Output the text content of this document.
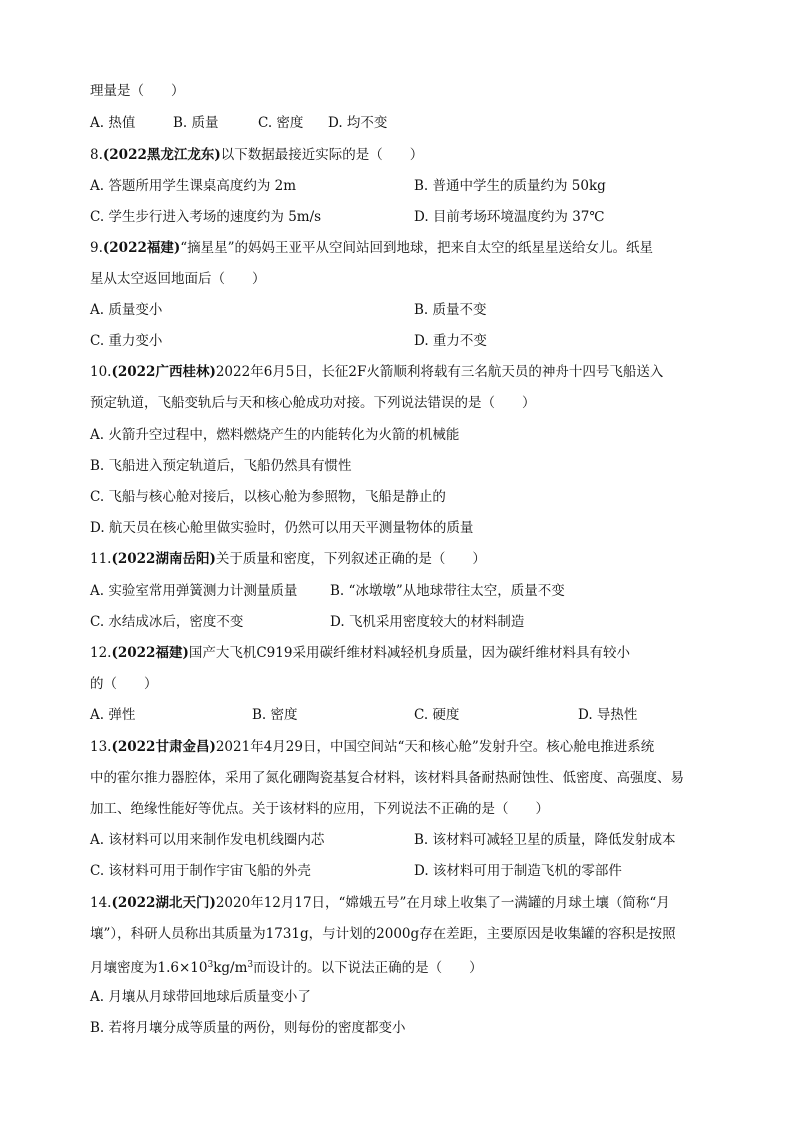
理量是（　　）
A. 热值	B. 质量	C. 密度 D. 均不变
8.(2022黑龙江龙东)以下数据最接近实际的是（　　）
A. 答题所用学生课桌高度约为 2m	B. 普通中学生的质量约为 50kg
C. 学生步行进入考场的速度约为 5m/s	D. 目前考场环境温度约为 37℃
9.(2022福建)“摘星星”的妈妈王亚平从空间站回到地球，把来自太空的纸星星送给女儿。纸星
星从太空返回地面后（　　）
A. 质量变小	B. 质量不变
C. 重力变小	D. 重力不变
10.(2022广西桂林)2022年6月5日，长征2F火箭顺利将载有三名航天员的神舟十四号飞船送入
预定轨道，飞船变轨后与天和核心舱成功对接。下列说法错误的是（　　）
A. 火箭升空过程中，燃料燃烧产生的内能转化为火箭的机械能
B. 飞船进入预定轨道后，飞船仍然具有惯性
C. 飞船与核心舱对接后，以核心舱为参照物，飞船是静止的
D. 航天员在核心舱里做实验时，仍然可以用天平测量物体的质量
11.(2022湖南岳阳)关于质量和密度，下列叙述正确的是（　　）
A. 实验室常用弹簧测力计测量质量 B. “冰墩墩”从地球带往太空，质量不变
C. 水结成冰后，密度不变	D. 飞机采用密度较大的材料制造
12.(2022福建)国产大飞机C919采用碳纤维材料减轻机身质量，因为碳纤维材料具有较小
的（　　）
A. 弹性	B. 密度	C. 硬度	D. 导热性
13.(2022甘肃金昌)2021年4月29日，中国空间站“天和核心舱”发射升空。核心舱电推进系统
中的霍尔推力器腔体，采用了氮化硼陶瓷基复合材料，该材料具备耐热耐蚀性、低密度、高强度、易
加工、绝缘性能好等优点。关于该材料的应用，下列说法不正确的是（　　）
A. 该材料可以用来制作发电机线圈内芯	B. 该材料可减轻卫星的质量，降低发射成本
C. 该材料可用于制作宇宙飞船的外壳	D. 该材料可用于制造飞机的零部件
14.(2022湖北天门)2020年12月17日，“嫦娥五号”在月球上收集了一满罐的月球土壤（简称“月
壤”），科研人员称出其质量为1731g，与计划的2000g存在差距，主要原因是收集罐的容积是按照
月壤密度为$1.6\times 10^3kg/m^3$而设计的。以下说法正确的是（　　）
A. 月壤从月球带回地球后质量变小了
B. 若将月壤分成等质量的两份，则每份的密度都变小
